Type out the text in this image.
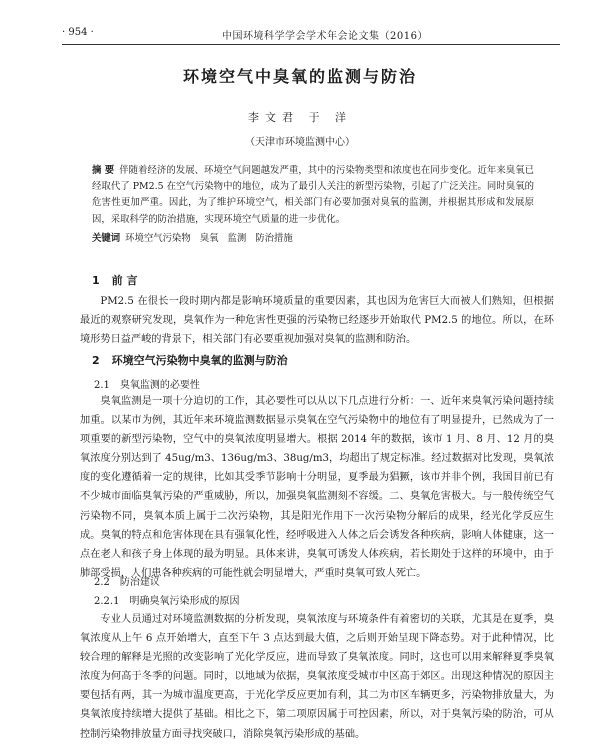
· 954 ·	中国环境科学学会学术年会论文集（2016）
环境空气中臭氧的监测与防治
李文君 于 洋
（天津市环境监测中心）
摘 要 伴随着经济的发展、环境空气问题越发严重，其中的污染物类型和浓度也在同步变化。近年来臭氧已经取代了 PM2.5 在空气污染物中的地位，成为了最引人关注的新型污染物，引起了广泛关注。同时臭氧的危害性更加严重。因此，为了维护环境空气，相关部门有必要加强对臭氧的监测，并根据其形成和发展原因，采取科学的防治措施，实现环境空气质量的进一步优化。
关键词 环境空气污染物 臭氧 监测 防治措施
1 前 言
PM2.5 在很长一段时期内都是影响环境质量的重要因素，其也因为危害巨大而被人们熟知，但根据最近的观察研究发现，臭氧作为一种危害性更强的污染物已经逐步开始取代 PM2.5 的地位。所以，在环境形势日益严峻的背景下，相关部门有必要重视加强对臭氧的监测和防治。
2 环境空气污染物中臭氧的监测与防治
2.1 臭氧监测的必要性
臭氧监测是一项十分迫切的工作，其必要性可以从以下几点进行分析：一、近年来臭氧污染问题持续加重。以某市为例，其近年来环境监测数据显示臭氧在空气污染物中的地位有了明显提升，已然成为了一项重要的新型污染物，空气中的臭氧浓度明显增大。根据 2014 年的数据，该市 1 月、8 月、12 月的臭氧浓度分别达到了 45ug/m3、136ug/m3、38ug/m3，均超出了规定标准。经过数据对比发现，臭氧浓度的变化遵循着一定的规律，比如其受季节影响十分明显，夏季最为猖獗，该市并非个例，我国目前已有不少城市面临臭氧污染的严重威胁，所以，加强臭氧监测刻不容缓。二、臭氧危害极大。与一般传统空气污染物不同，臭氧本质上属于二次污染物，其是阳光作用下一次污染物分解后的成果，经光化学反应生成。臭氧的特点和危害体现在具有强氧化性，经呼吸进入人体之后会诱发各种疾病，影响人体健康，这一点在老人和孩子身上体现的最为明显。具体来讲，臭氧可诱发人体疾病，若长期处于这样的环境中，由于肺部受损，人们患各种疾病的可能性就会明显增大，严重时臭氧可致人死亡。
2.2 防治建议
2.2.1 明确臭氧污染形成的原因
专业人员通过对环境监测数据的分析发现，臭氧浓度与环境条件有着密切的关联，尤其是在夏季，臭氧浓度从上午 6 点开始增大，直至下午 3 点达到最大值，之后则开始呈现下降态势。对于此种情况，比较合理的解释是光照的改变影响了光化学反应，进而导致了臭氧浓度。同时，这也可以用来解释夏季臭氧浓度为何高于冬季的问题。同时，以地域为依据，臭氧浓度受城市中区高于郊区。出现这种情况的原因主要包括有两，其一为城市温度更高，于光化学反应更加有利，其二为市区车辆更多，污染物排放量大，为臭氧浓度持续增大提供了基础。相比之下，第二项原因属于可控因素，所以，对于臭氧污染的防治，可从控制污染物排放量方面寻找突破口，消除臭氧污染形成的基础。
